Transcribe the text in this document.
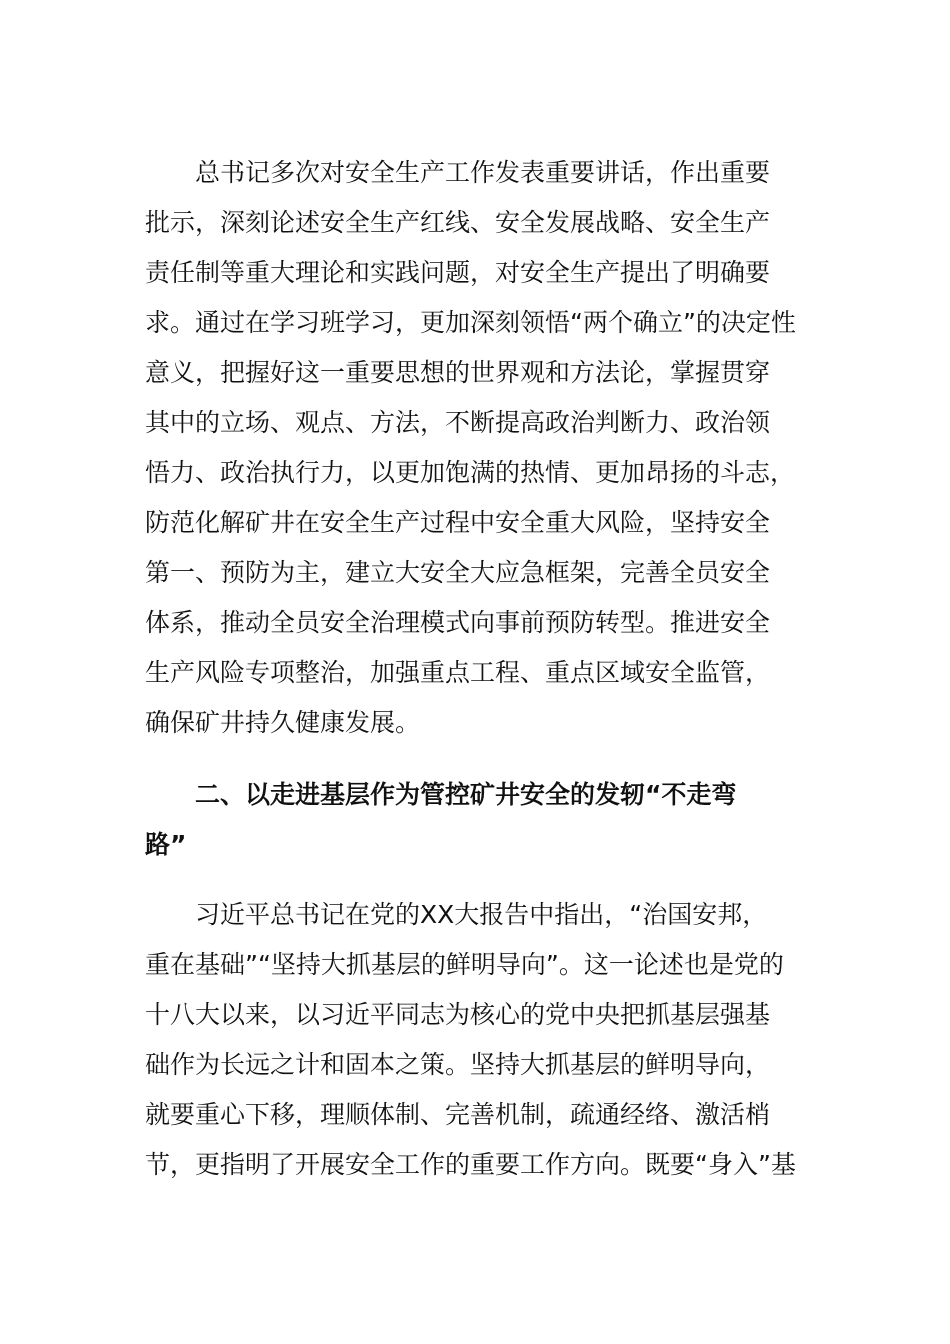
总书记多次对安全生产工作发表重要讲话，作出重要
批示，深刻论述安全生产红线、安全发展战略、安全生产
责任制等重大理论和实践问题，对安全生产提出了明确要
求。通过在学习班学习，更加深刻领悟“两个确立”的决定性
意义，把握好这一重要思想的世界观和方法论，掌握贯穿
其中的立场、观点、方法，不断提高政治判断力、政治领
悟力、政治执行力，以更加饱满的热情、更加昂扬的斗志，
防范化解矿井在安全生产过程中安全重大风险，坚持安全
第一、预防为主，建立大安全大应急框架，完善全员安全
体系，推动全员安全治理模式向事前预防转型。推进安全
生产风险专项整治，加强重点工程、重点区域安全监管，
确保矿井持久健康发展。
二、以走进基层作为管控矿井安全的发轫“不走弯
路”
习近平总书记在党的XX大报告中指出，“治国安邦，
重在基础”“坚持大抓基层的鲜明导向”。这一论述也是党的
十八大以来，以习近平同志为核心的党中央把抓基层强基
础作为长远之计和固本之策。坚持大抓基层的鲜明导向，
就要重心下移，理顺体制、完善机制，疏通经络、激活梢
节，更指明了开展安全工作的重要工作方向。既要“身入”基
